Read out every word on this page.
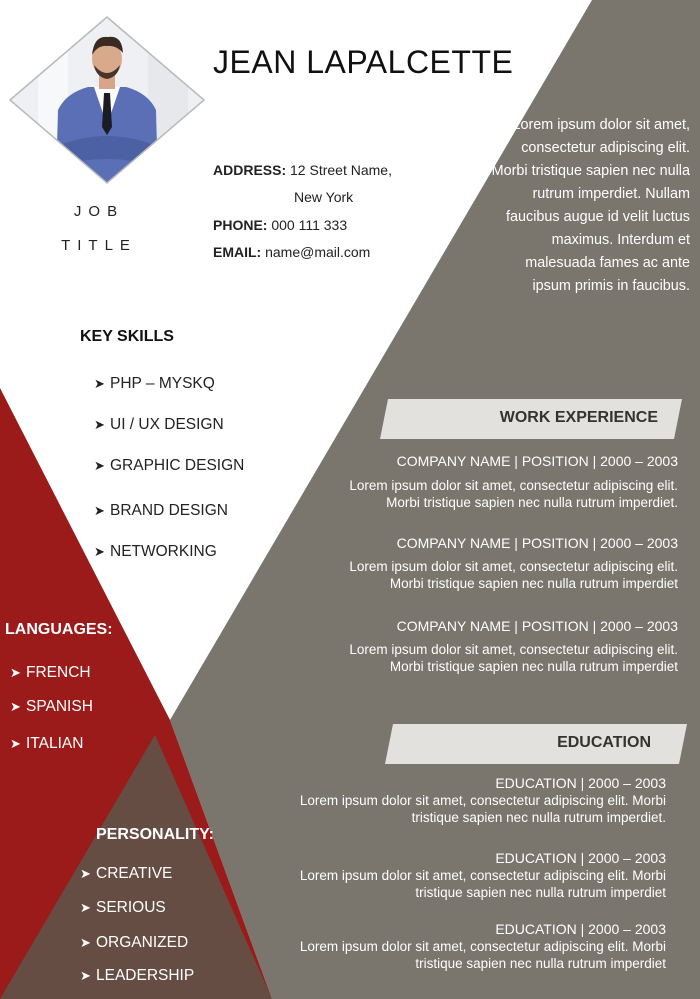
JOB
TITLE
JEAN LAPALCETTE
ADDRESS: 12 Street Name,
New York
PHONE: 000 111 333
EMAIL: name@mail.com
Lorem ipsum dolor sit amet, consectetur adipiscing elit. Morbi tristique sapien nec nulla rutrum imperdiet. Nullam faucibus augue id velit luctus maximus. Interdum et malesuada fames ac ante ipsum primis in faucibus.
KEY SKILLS
➤ PHP – MYSKQ
➤ UI / UX DESIGN
➤ GRAPHIC DESIGN
➤ BRAND DESIGN
➤ NETWORKING
LANGUAGES:
➤ FRENCH
➤ SPANISH
➤ ITALIAN
PERSONALITY:
➤ CREATIVE
➤ SERIOUS
➤ ORGANIZED
➤ LEADERSHIP
WORK EXPERIENCE
COMPANY NAME | POSITION | 2000 – 2003
Lorem ipsum dolor sit amet, consectetur adipiscing elit.
Morbi tristique sapien nec nulla rutrum imperdiet.
COMPANY NAME | POSITION | 2000 – 2003
Lorem ipsum dolor sit amet, consectetur adipiscing elit.
Morbi tristique sapien nec nulla rutrum imperdiet
COMPANY NAME | POSITION | 2000 – 2003
Lorem ipsum dolor sit amet, consectetur adipiscing elit.
Morbi tristique sapien nec nulla rutrum imperdiet
EDUCATION
EDUCATION | 2000 – 2003
Lorem ipsum dolor sit amet, consectetur adipiscing elit. Morbi
tristique sapien nec nulla rutrum imperdiet.
EDUCATION | 2000 – 2003
Lorem ipsum dolor sit amet, consectetur adipiscing elit. Morbi
tristique sapien nec nulla rutrum imperdiet
EDUCATION | 2000 – 2003
Lorem ipsum dolor sit amet, consectetur adipiscing elit. Morbi
tristique sapien nec nulla rutrum imperdiet
